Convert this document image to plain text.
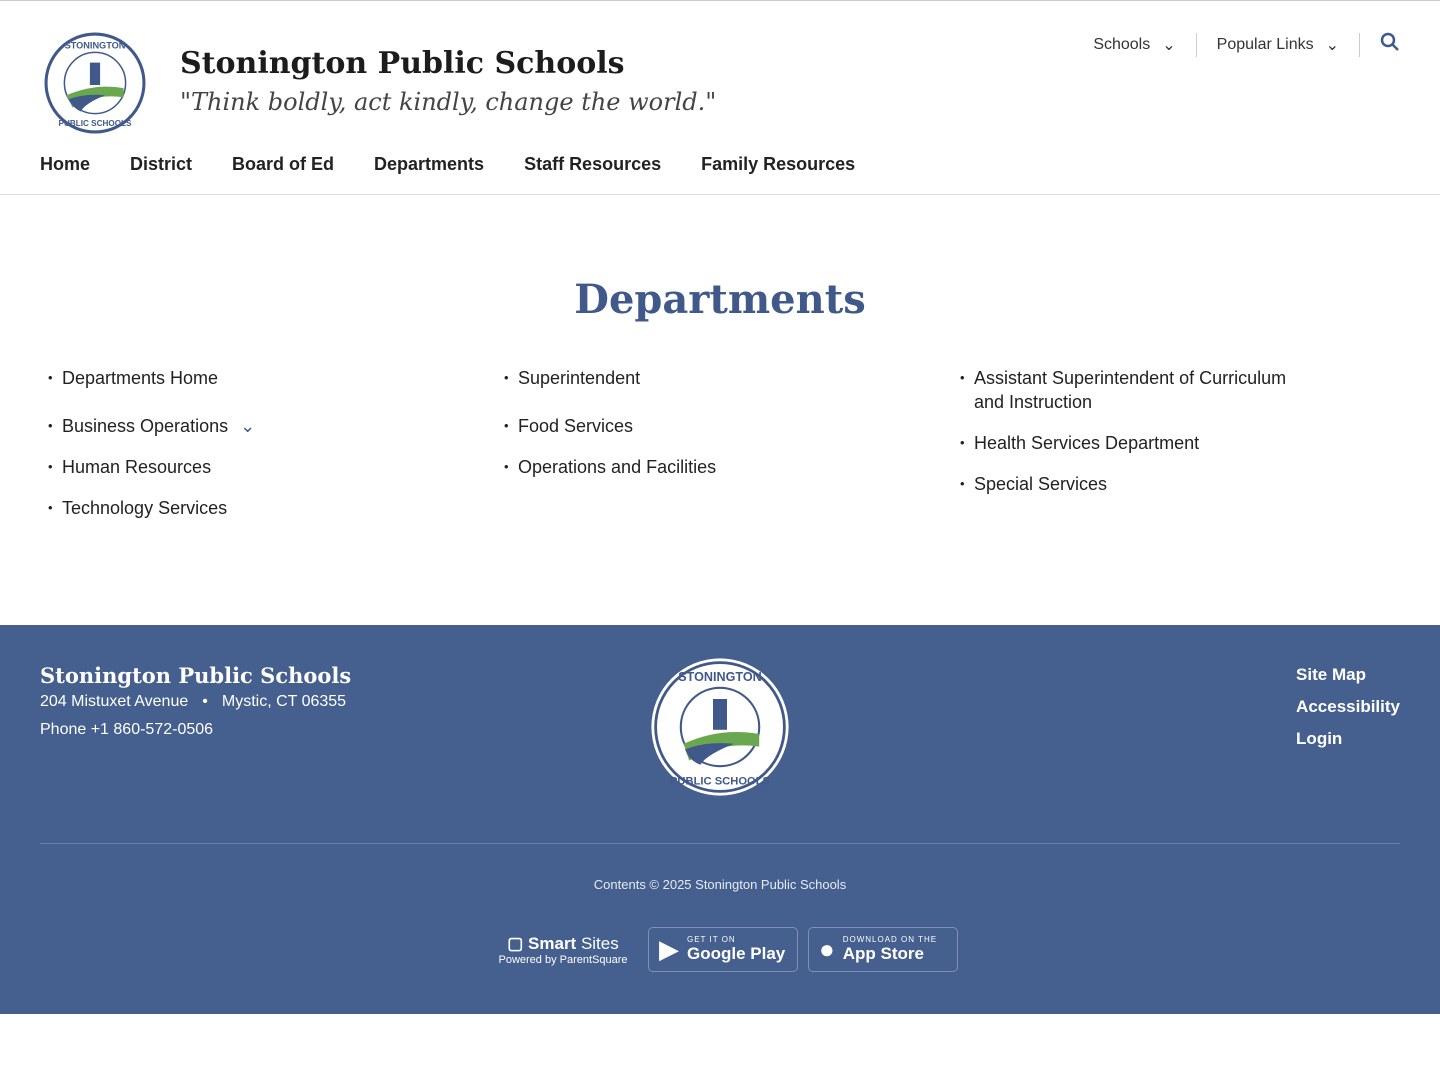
STONINGTON
PUBLIC SCHOOLS
Stonington Public Schools
"Think boldly, act kindly, change the world."
Schools ⌄	Popular Links ⌄
Home District Board of Ed Departments Staff Resources Family Resources
Departments
• Departments Home
• Business Operations ⌄
• Human Resources
• Technology Services
• Superintendent
• Food Services
• Operations and Facilities
• Assistant Superintendent of Curriculum and Instruction
• Health Services Department
• Special Services
Stonington Public Schools
204 Mistuxet Avenue • Mystic, CT 06355
Phone +1 860-572-0506
STONINGTON
PUBLIC SCHOOLS
Site Map
Accessibility
Login
Contents © 2025 Stonington Public Schools
▢ Smart Sites
Powered by ParentSquare	▶ GET IT ON
Google Play ● DOWNLOAD ON THE
App Store
